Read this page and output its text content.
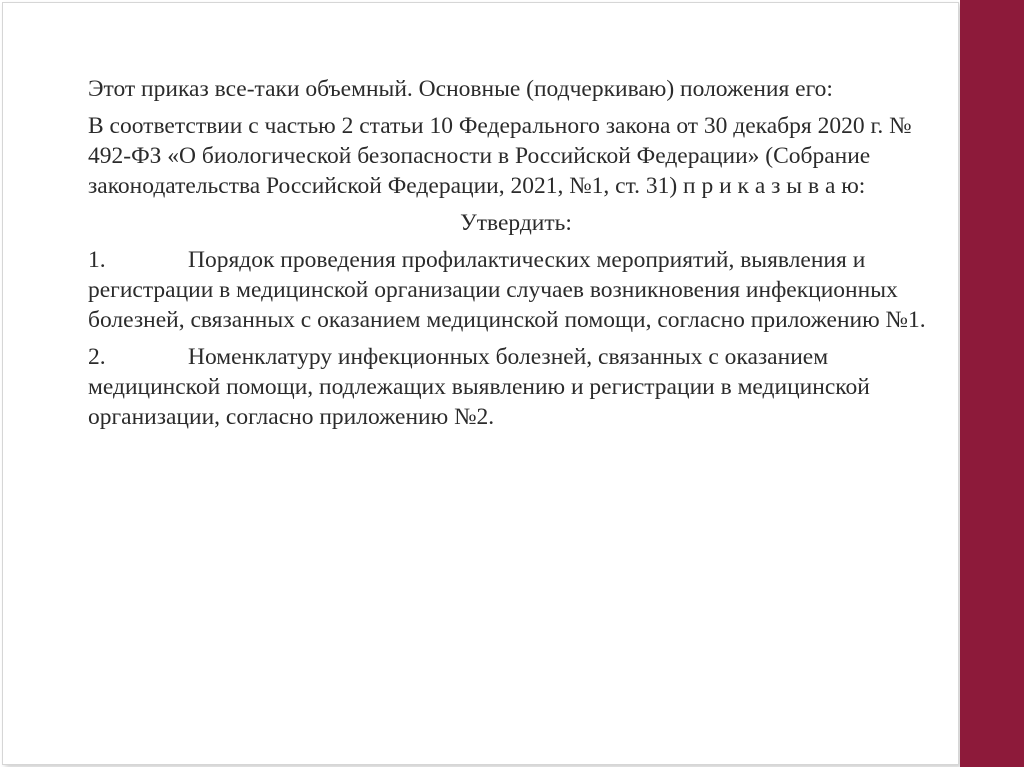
Этот приказ все-таки объемный. Основные (подчеркиваю) положения его:

В соответствии с частью 2 статьи 10 Федерального закона от 30 декабря 2020 г. № 492-ФЗ «О биологической безопасности в Российской Федерации» (Собрание законодательства Российской Федерации, 2021, №1, ст. 31) п р и к а з ы в а ю:

Утвердить:

1.	Порядок проведения профилактических мероприятий, выявления и регистрации в медицинской организации случаев возникновения инфекционных болезней, связанных с оказанием медицинской помощи, согласно приложению №1.

2.	Номенклатуру инфекционных болезней, связанных с оказанием медицинской помощи, подлежащих выявлению и регистрации в медицинской организации, согласно приложению №2.
